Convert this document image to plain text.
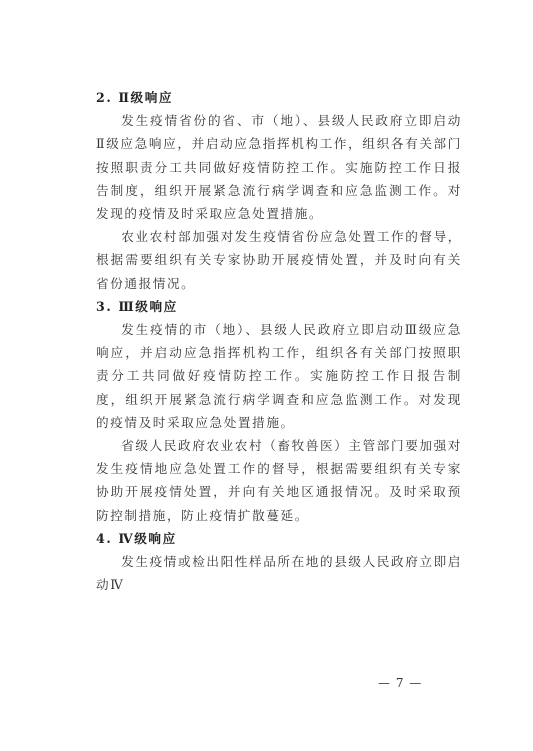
2. Ⅱ级响应

发生疫情省份的省、市（地）、县级人民政府立即启动Ⅱ级应急响应，并启动应急指挥机构工作，组织各有关部门按照职责分工共同做好疫情防控工作。实施防控工作日报告制度，组织开展紧急流行病学调查和应急监测工作。对发现的疫情及时采取应急处置措施。

农业农村部加强对发生疫情省份应急处置工作的督导，根据需要组织有关专家协助开展疫情处置，并及时向有关省份通报情况。

3. Ⅲ级响应

发生疫情的市（地）、县级人民政府立即启动Ⅲ级应急响应，并启动应急指挥机构工作，组织各有关部门按照职责分工共同做好疫情防控工作。实施防控工作日报告制度，组织开展紧急流行病学调查和应急监测工作。对发现的疫情及时采取应急处置措施。

省级人民政府农业农村（畜牧兽医）主管部门要加强对发生疫情地应急处置工作的督导，根据需要组织有关专家协助开展疫情处置，并向有关地区通报情况。及时采取预防控制措施，防止疫情扩散蔓延。

4. Ⅳ级响应

发生疫情或检出阳性样品所在地的县级人民政府立即启动Ⅳ

— 7 —
